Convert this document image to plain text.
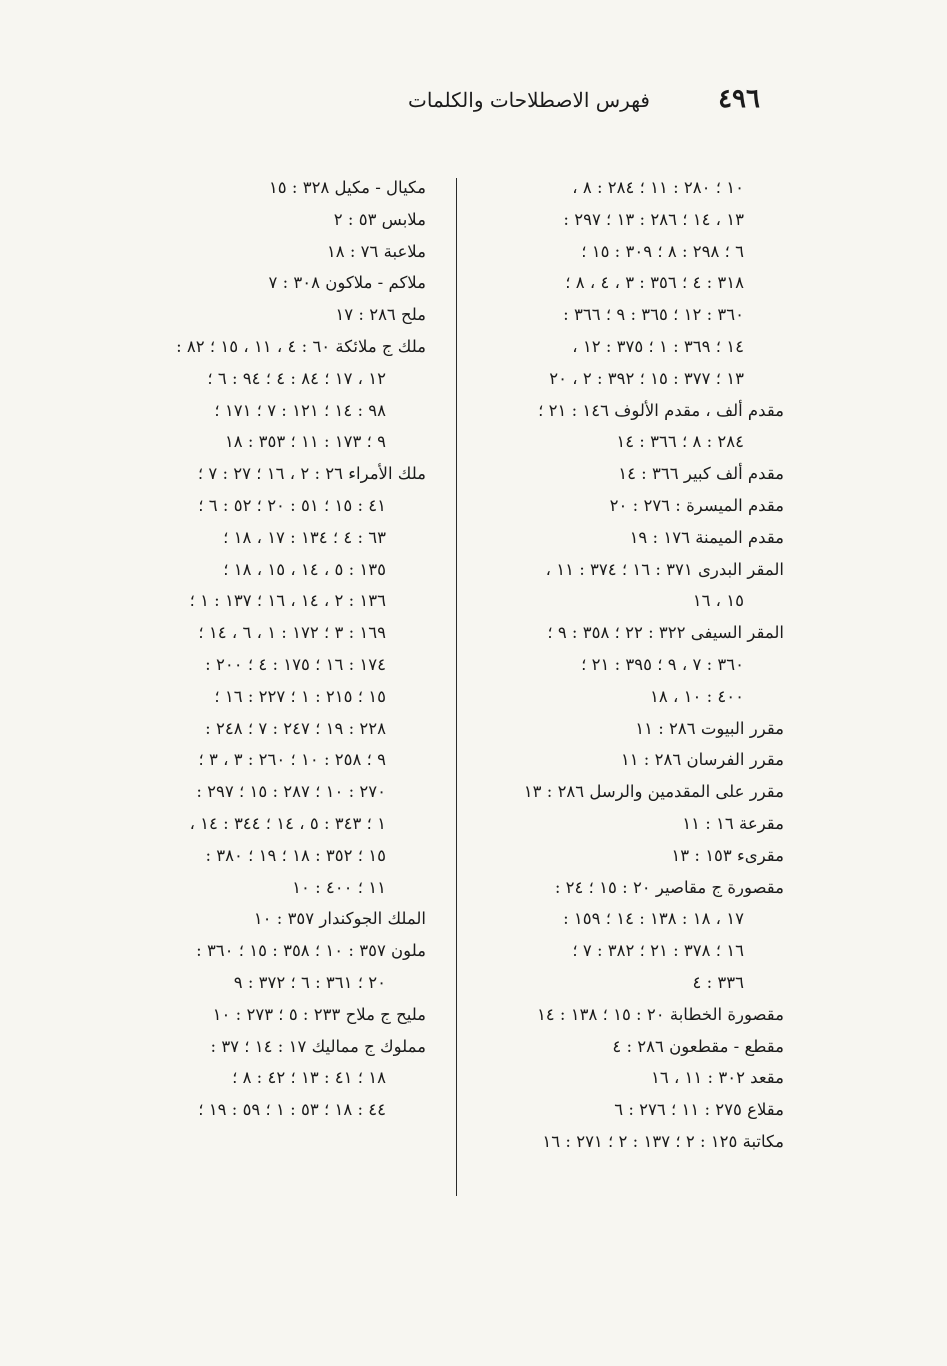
٤٩٦
فهرس الاصطلاحات والكلمات
١٠ ؛ ٢٨٠ : ١١ ؛ ٢٨٤ : ٨ ،
١٣ ، ١٤ ؛ ٢٨٦ : ١٣ ؛ ٢٩٧ :
٦ ؛ ٢٩٨ : ٨ ؛ ٣٠٩ : ١٥ ؛
٣١٨ : ٤ ؛ ٣٥٦ : ٣ ، ٤ ، ٨ ؛
٣٦٠ : ١٢ ؛ ٣٦٥ : ٩ ؛ ٣٦٦ :
١٤ ؛ ٣٦٩ : ١ ؛ ٣٧٥ : ١٢ ،
١٣ ؛ ٣٧٧ : ١٥ ؛ ٣٩٢ : ٢ ، ٢٠
مقدم ألف ، مقدم الألوف ١٤٦ : ٢١ ؛
٢٨٤ : ٨ ؛ ٣٦٦ : ١٤
مقدم ألف كبير ٣٦٦ : ١٤
مقدم الميسرة : ٢٧٦ : ٢٠
مقدم الميمنة ١٧٦ : ١٩
المقر البدرى ٣٧١ : ١٦ ؛ ٣٧٤ : ١١ ،
١٥ ، ١٦
المقر السيفى ٣٢٢ : ٢٢ ؛ ٣٥٨ : ٩ ؛
٣٦٠ : ٧ ، ٩ ؛ ٣٩٥ : ٢١ ؛
٤٠٠ : ١٠ ، ١٨
مقرر البيوت ٢٨٦ : ١١
مقرر الفرسان ٢٨٦ : ١١
مقرر على المقدمين والرسل ٢٨٦ : ١٣
مقرعة ١٦ : ١١
مقرىء ١٥٣ : ١٣
مقصورة ج مقاصير ٢٠ : ١٥ ؛ ٢٤ :
١٧ ، ١٨ : ١٣٨ : ١٤ ؛ ١٥٩ :
١٦ ؛ ٣٧٨ : ٢١ ؛ ٣٨٢ : ٧ ؛
٣٣٦ : ٤
مقصورة الخطابة ٢٠ : ١٥ ؛ ١٣٨ : ١٤
مقطع - مقطعون ٢٨٦ : ٤
مقعد ٣٠٢ : ١١ ، ١٦
مقلاع ٢٧٥ : ١١ ؛ ٢٧٦ : ٦
مكاتبة ١٢٥ : ٢ ؛ ١٣٧ : ٢ ؛ ٢٧١ : ١٦
مكيال - مكيل ٣٢٨ : ١٥
ملابس ٥٣ : ٢
ملاعبة ٧٦ : ١٨
ملاكم - ملاكون ٣٠٨ : ٧
ملح ٢٨٦ : ١٧
ملك ج ملائكة ٦٠ : ٤ ، ١١ ، ١٥ ؛ ٨٢ :
١٢ ، ١٧ ؛ ٨٤ : ٤ ؛ ٩٤ : ٦ ؛
٩٨ : ١٤ ؛ ١٢١ : ٧ ؛ ١٧١ ؛
٩ ؛ ١٧٣ : ١١ ؛ ٣٥٣ : ١٨
ملك الأمراء ٢٦ : ٢ ، ١٦ ؛ ٢٧ : ٧ ؛
٤١ : ١٥ ؛ ٥١ : ٢٠ ؛ ٥٢ : ٦ ؛
٦٣ : ٤ ؛ ١٣٤ : ١٧ ، ١٨ ؛
١٣٥ : ٥ ، ١٤ ، ١٥ ، ١٨ ؛
١٣٦ : ٢ ، ١٤ ، ١٦ ؛ ١٣٧ : ١ ؛
١٦٩ : ٣ ؛ ١٧٢ : ١ ، ٦ ، ١٤ ؛
١٧٤ : ١٦ ؛ ١٧٥ : ٤ ؛ ٢٠٠ :
١٥ ؛ ٢١٥ : ١ ؛ ٢٢٧ : ١٦ ؛
٢٢٨ : ١٩ ؛ ٢٤٧ : ٧ ؛ ٢٤٨ :
٩ ؛ ٢٥٨ : ١٠ ؛ ٢٦٠ : ٣ ، ٣ ؛
٢٧٠ : ١٠ ؛ ٢٨٧ : ١٥ ؛ ٢٩٧ :
١ ؛ ٣٤٣ : ٥ ، ١٤ ؛ ٣٤٤ : ١٤ ،
١٥ ؛ ٣٥٢ : ١٨ ؛ ١٩ ؛ ٣٨٠ :
١١ ؛ ٤٠٠ : ١٠
الملك الجوكندار ٣٥٧ : ١٠
ملون ٣٥٧ : ١٠ ؛ ٣٥٨ : ١٥ ؛ ٣٦٠ :
٢٠ ؛ ٣٦١ : ٦ ؛ ٣٧٢ : ٩
مليح ج ملاح ٢٣٣ : ٥ ؛ ٢٧٣ : ١٠
مملوك ج مماليك ١٧ : ١٤ ؛ ٣٧ :
١٨ ؛ ٤١ : ١٣ ؛ ٤٢ : ٨ ؛
٤٤ : ١٨ ؛ ٥٣ : ١ ؛ ٥٩ : ١٩ ؛
